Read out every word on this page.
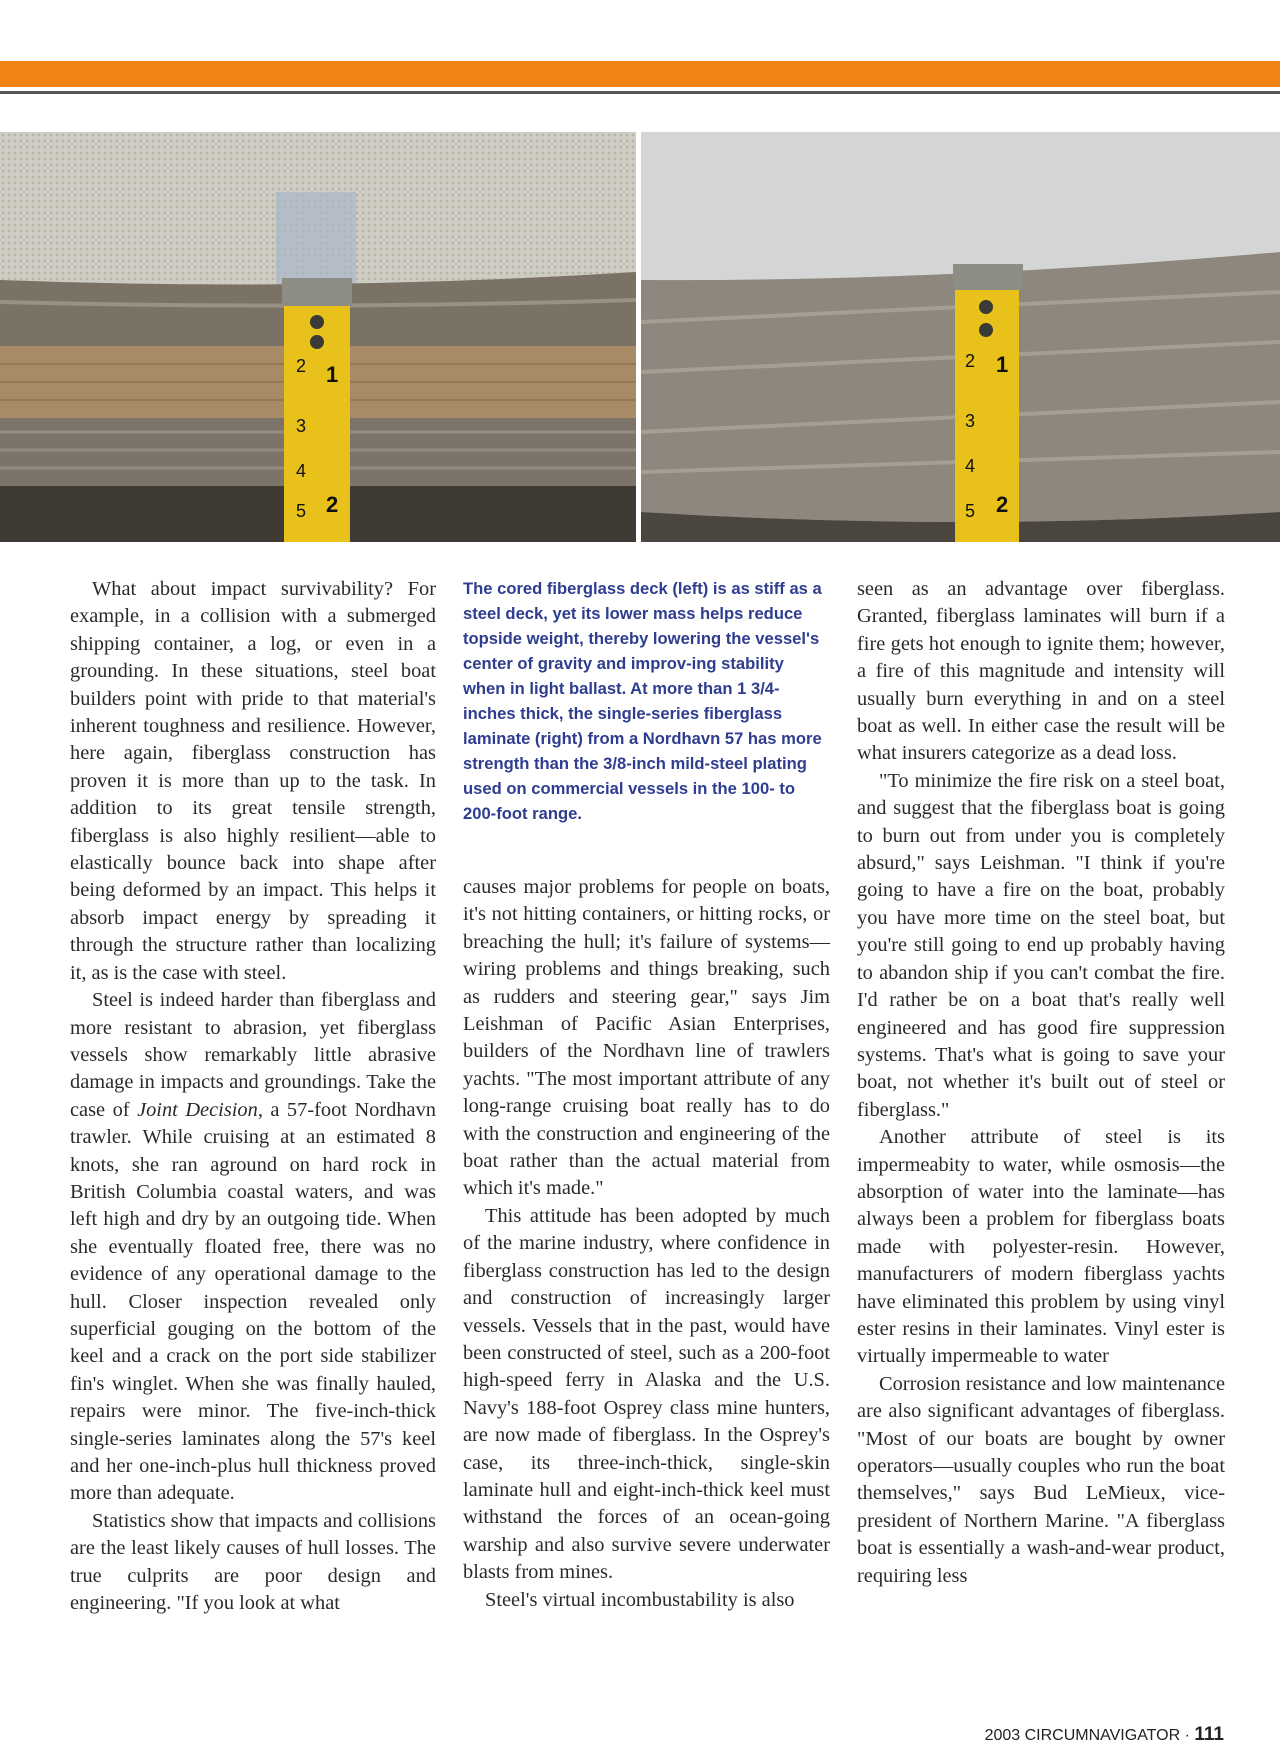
1
2
3
4
5 2
1
2
3
4
5 2

What about impact survivability? For example, in a collision with a submerged shipping container, a log, or even in a grounding. In these situations, steel boat builders point with pride to that material's inherent toughness and resilience. However, here again, fiberglass construction has proven it is more than up to the task. In addition to its great tensile strength, fiberglass is also highly resilient—able to elastically bounce back into shape after being deformed by an impact. This helps it absorb impact energy by spreading it through the structure rather than localizing it, as is the case with steel.

Steel is indeed harder than fiberglass and more resistant to abrasion, yet fiberglass vessels show remarkably little abrasive damage in impacts and groundings. Take the case of Joint Decision, a 57-foot Nordhavn trawler. While cruising at an estimated 8 knots, she ran aground on hard rock in British Columbia coastal waters, and was left high and dry by an outgoing tide. When she eventually floated free, there was no evidence of any operational damage to the hull. Closer inspection revealed only superficial gouging on the bottom of the keel and a crack on the port side stabilizer fin's winglet. When she was finally hauled, repairs were minor. The five-inch-thick single-series laminates along the 57's keel and her one-inch-plus hull thickness proved more than adequate.

Statistics show that impacts and collisions are the least likely causes of hull losses. The true culprits are poor design and engineering. "If you look at what

The cored fiberglass deck (left) is as stiff as a steel deck, yet its lower mass helps reduce topside weight, thereby lowering the vessel's center of gravity and improv-ing stability when in light ballast. At more than 1 3/4-inches thick, the single-series fiberglass laminate (right) from a Nordhavn 57 has more strength than the 3/8-inch mild-steel plating used on commercial vessels in the 100- to 200-foot range.

causes major problems for people on boats, it's not hitting containers, or hitting rocks, or breaching the hull; it's failure of systems—wiring problems and things breaking, such as rudders and steering gear," says Jim Leishman of Pacific Asian Enterprises, builders of the Nordhavn line of trawlers yachts. "The most important attribute of any long-range cruising boat really has to do with the construction and engineering of the boat rather than the actual material from which it's made."

This attitude has been adopted by much of the marine industry, where confidence in fiberglass construction has led to the design and construction of increasingly larger vessels. Vessels that in the past, would have been constructed of steel, such as a 200-foot high-speed ferry in Alaska and the U.S. Navy's 188-foot Osprey class mine hunters, are now made of fiberglass. In the Osprey's case, its three-inch-thick, single-skin laminate hull and eight-inch-thick keel must withstand the forces of an ocean-going warship and also survive severe underwater blasts from mines.

Steel's virtual incombustability is also

seen as an advantage over fiberglass. Granted, fiberglass laminates will burn if a fire gets hot enough to ignite them; however, a fire of this magnitude and intensity will usually burn everything in and on a steel boat as well. In either case the result will be what insurers categorize as a dead loss.

"To minimize the fire risk on a steel boat, and suggest that the fiberglass boat is going to burn out from under you is completely absurd," says Leishman. "I think if you're going to have a fire on the boat, probably you have more time on the steel boat, but you're still going to end up probably having to abandon ship if you can't combat the fire. I'd rather be on a boat that's really well engineered and has good fire suppression systems. That's what is going to save your boat, not whether it's built out of steel or fiberglass."

Another attribute of steel is its impermeabity to water, while osmosis—the absorption of water into the laminate—has always been a problem for fiberglass boats made with polyester-resin. However, manufacturers of modern fiberglass yachts have eliminated this problem by using vinyl ester resins in their laminates. Vinyl ester is virtually impermeable to water

Corrosion resistance and low maintenance are also significant advantages of fiberglass. "Most of our boats are bought by owner operators—usually couples who run the boat themselves," says Bud LeMieux, vice-president of Northern Marine. "A fiberglass boat is essentially a wash-and-wear product, requiring less

2003 CIRCUMNAVIGATOR · 111
